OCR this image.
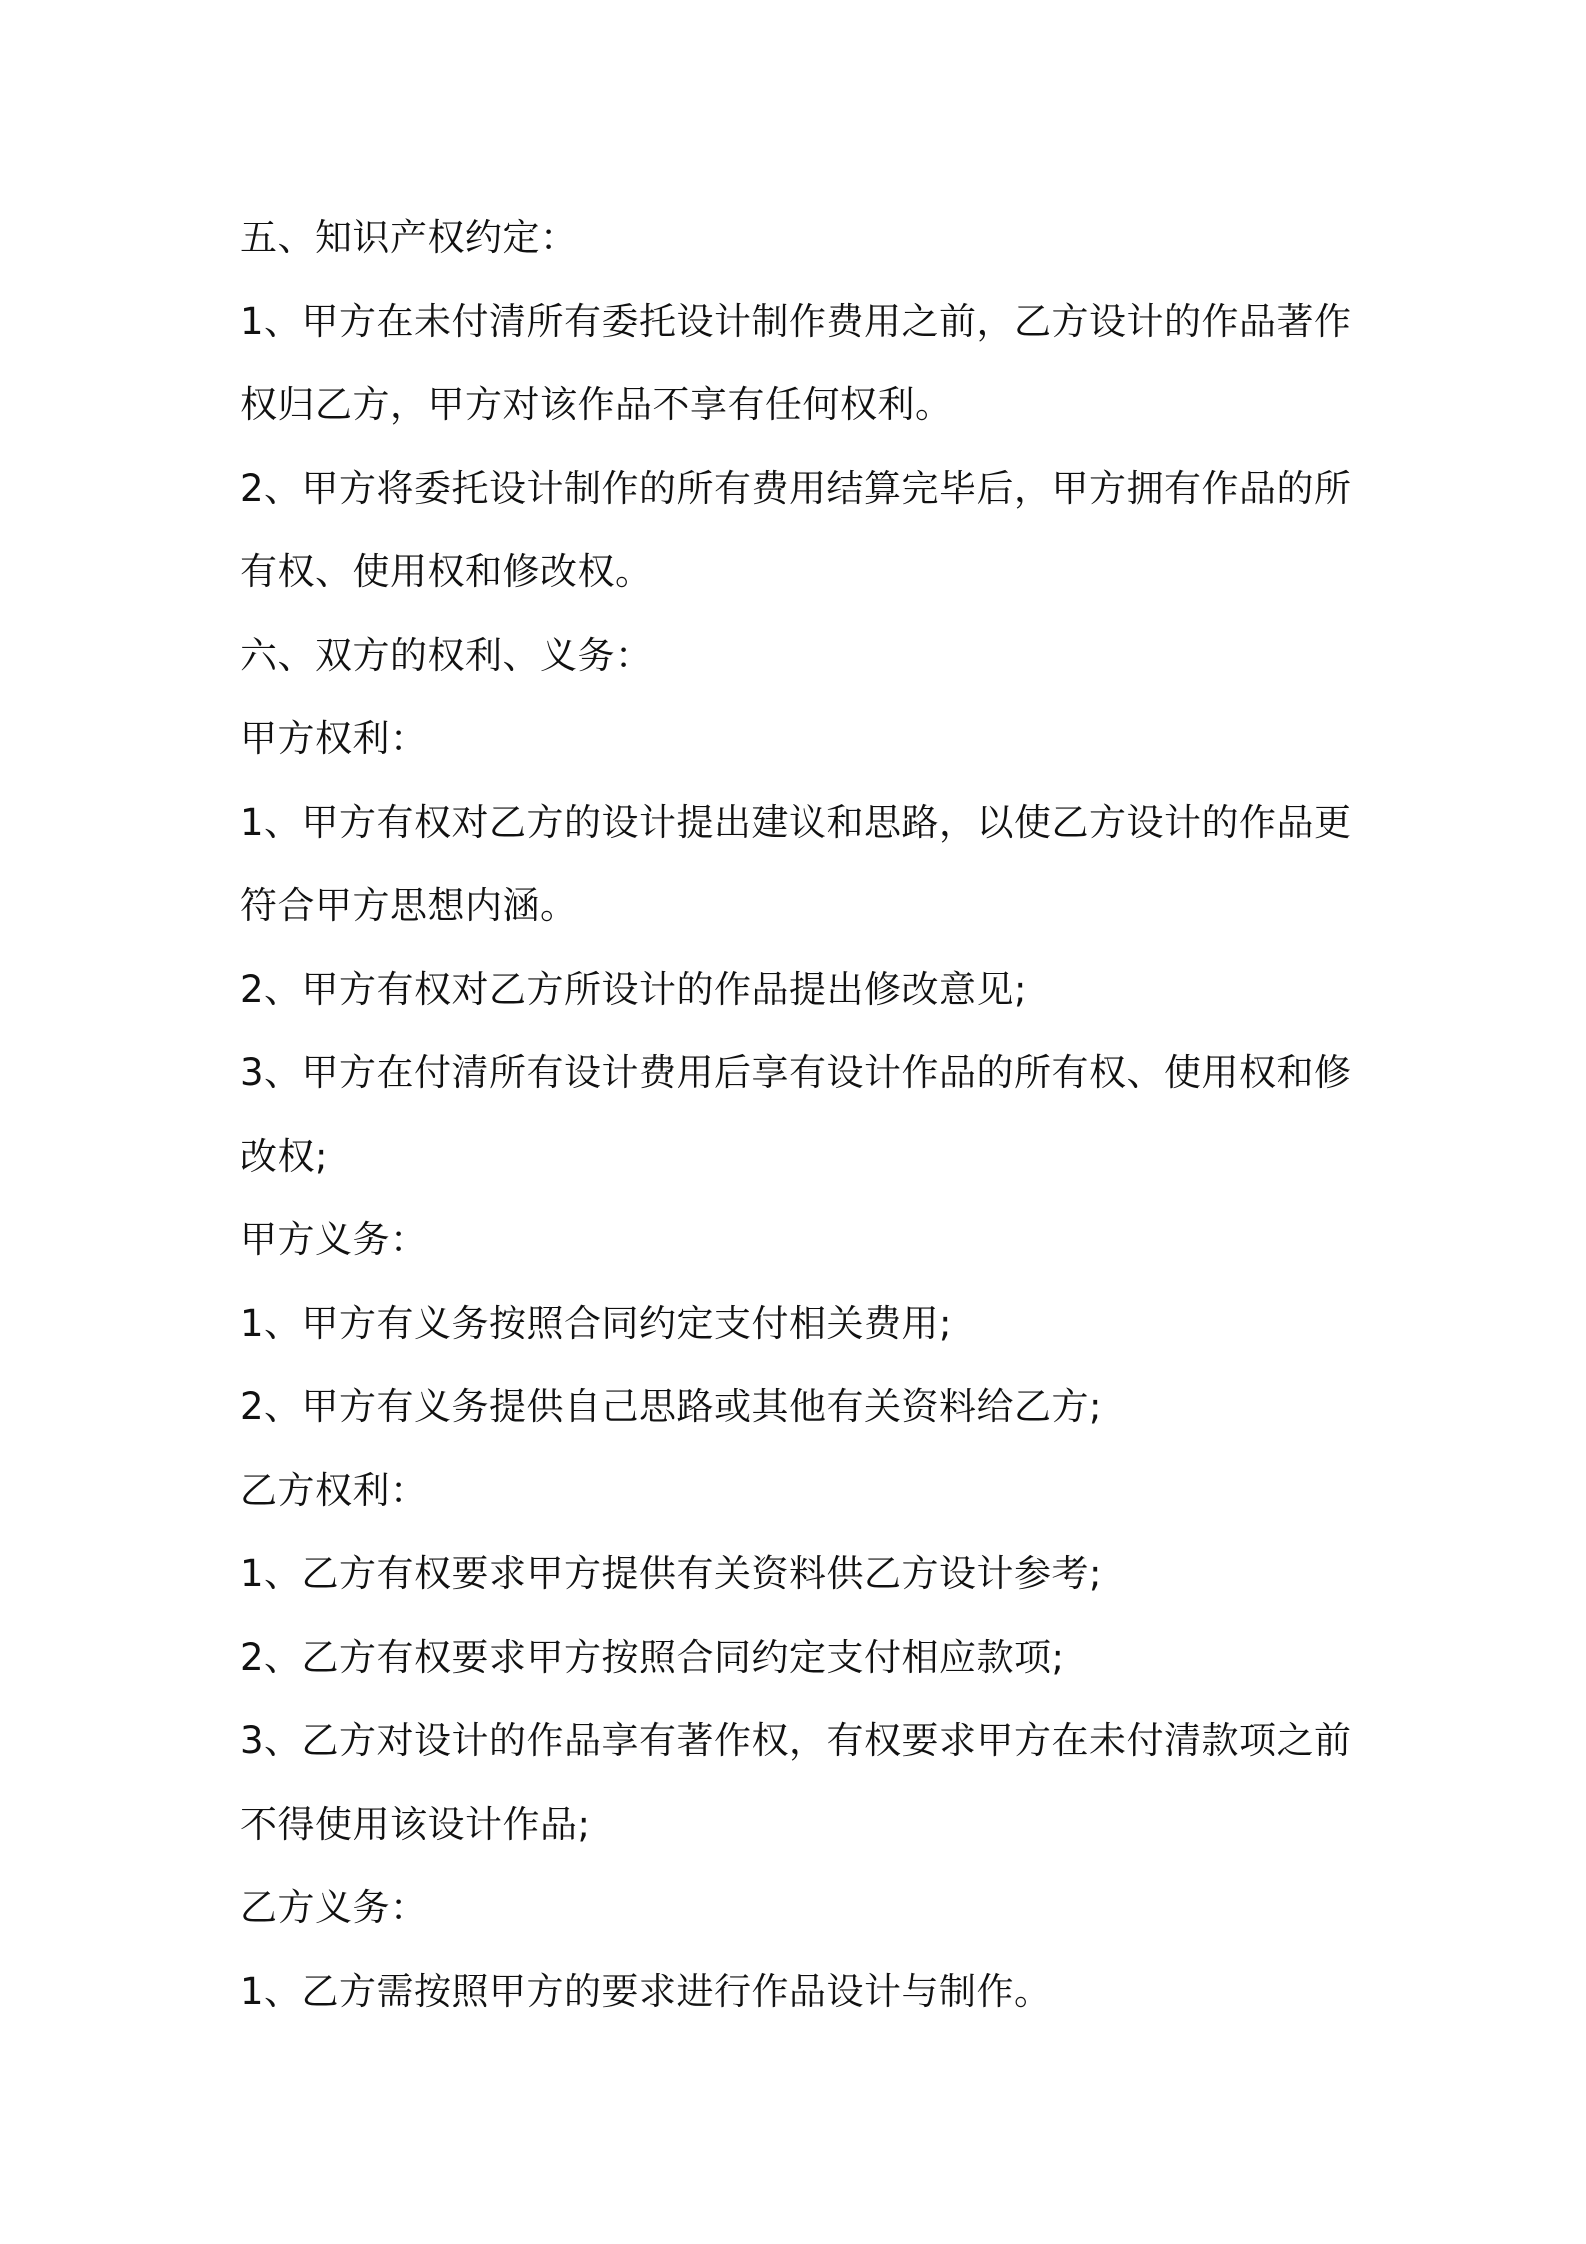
五、知识产权约定：
1、甲方在未付清所有委托设计制作费用之前，乙方设计的作品著作
权归乙方，甲方对该作品不享有任何权利。
2、甲方将委托设计制作的所有费用结算完毕后，甲方拥有作品的所
有权、使用权和修改权。
六、双方的权利、义务：
甲方权利：
1、甲方有权对乙方的设计提出建议和思路，以使乙方设计的作品更
符合甲方思想内涵。
2、甲方有权对乙方所设计的作品提出修改意见;
3、甲方在付清所有设计费用后享有设计作品的所有权、使用权和修
改权;
甲方义务：
1、甲方有义务按照合同约定支付相关费用;
2、甲方有义务提供自己思路或其他有关资料给乙方;
乙方权利：
1、乙方有权要求甲方提供有关资料供乙方设计参考;
2、乙方有权要求甲方按照合同约定支付相应款项;
3、乙方对设计的作品享有著作权，有权要求甲方在未付清款项之前
不得使用该设计作品;
乙方义务：
1、乙方需按照甲方的要求进行作品设计与制作。
